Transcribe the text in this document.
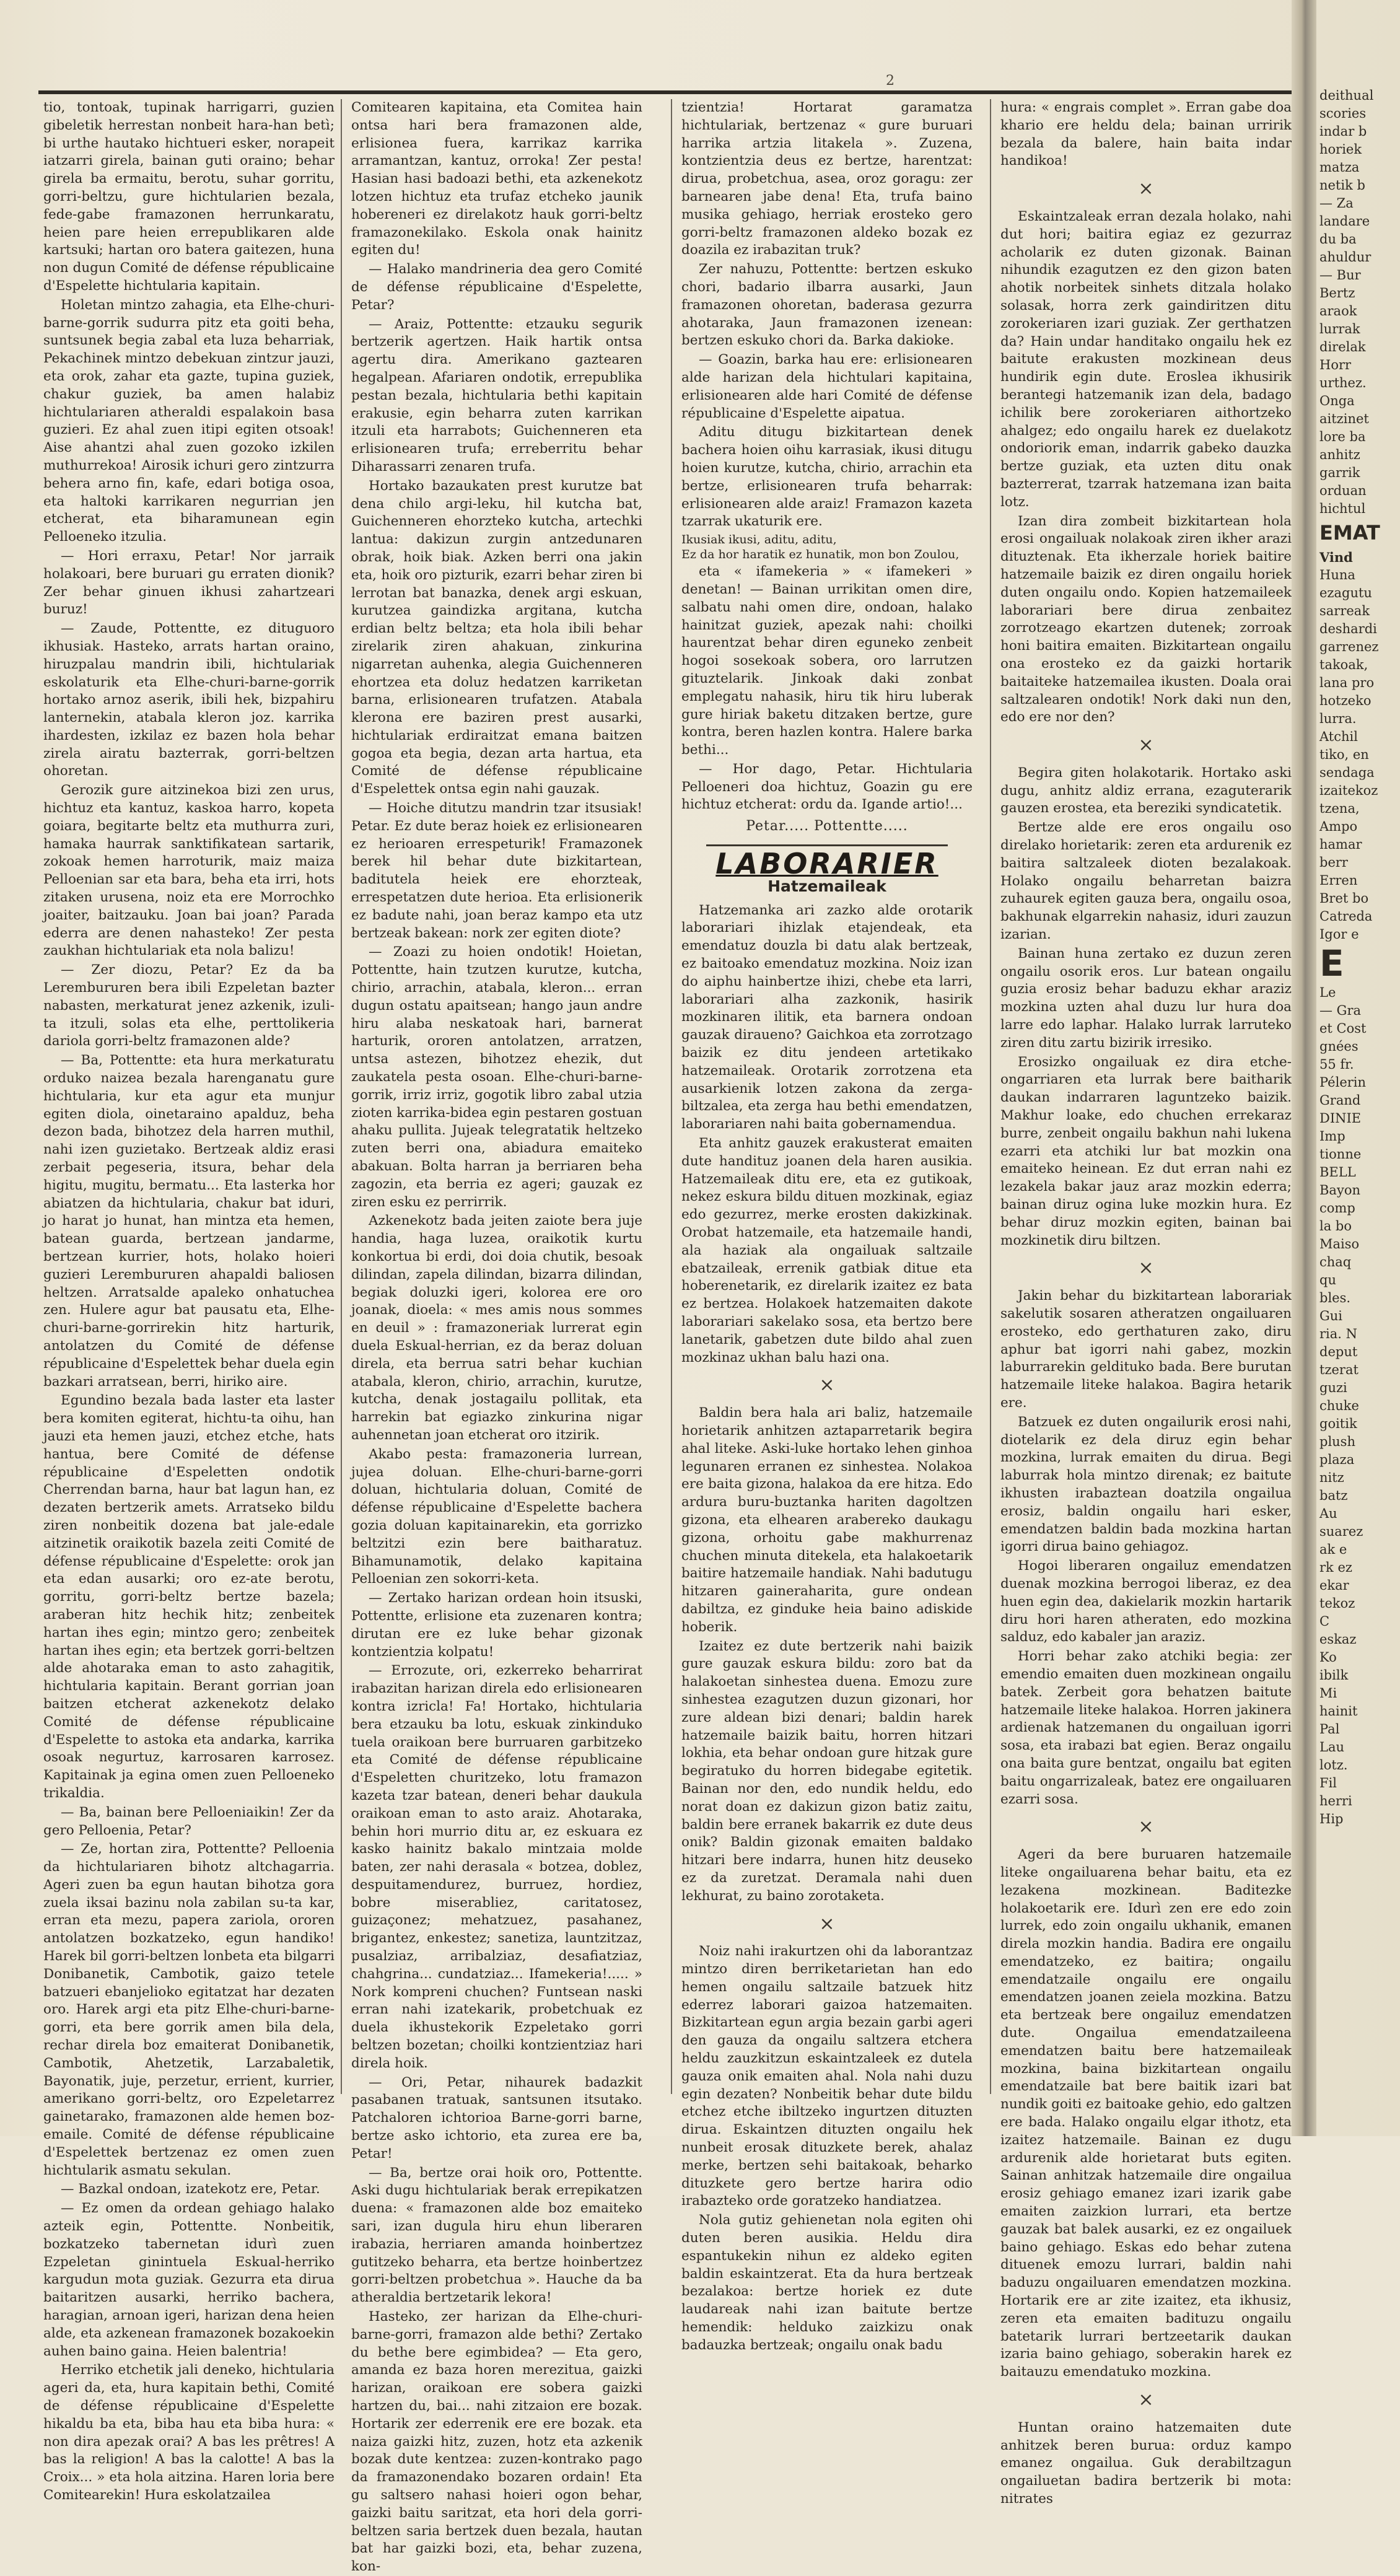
2

tio, tontoak, tupinak harrigarri, guzien gibeletik herrestan nonbeit hara-han betì; bi urthe hautako hichtueri esker, norapeit iatzarri girela, bainan guti oraino; behar girela ba ermaitu, berotu, suhar gorritu, gorri-beltzu, gure hichtularien bezala, fede-gabe framazonen herrunkaratu, heien pare heien errepublikaren alde kartsuki; hartan oro batera gaitezen, huna non dugun Comité de défense républicaine d'Espelette hichtularia kapitain.

Holetan mintzo zahagia, eta Elhe-churi-barne-gorrik sudurra pitz eta goiti beha, suntsunek begia zabal eta luza beharriak, Pekachinek mintzo debekuan zintzur jauzi, eta orok, zahar eta gazte, tupina guziek, chakur guziek, ba amen halabiz hichtulariaren atheraldi espalakoin basa guzieri. Ez ahal zuen itipi egiten otsoak! Aise ahantzi ahal zuen gozoko izkilen muthurrekoa! Airosik ichuri gero zintzurra behera arno fin, kafe, edari botiga osoa, eta haltoki karrikaren negurrian jen etcherat, eta biharamunean egin Pelloeneko itzulia.

— Hori erraxu, Petar! Nor jarraik holakoari, bere buruari gu erraten dionik? Zer behar ginuen ikhusi zahartzeari buruz!

— Zaude, Pottentte, ez dituguoro ikhusiak. Hasteko, arrats hartan oraino, hiruzpalau mandrin ibili, hichtulariak eskolaturik eta Elhe-churi-barne-gorrik hortako arnoz aserik, ibili hek, bizpahiru lanternekin, atabala kleron joz. karrika ihardesten, izkilaz ez bazen hola behar zirela airatu bazterrak, gorri-beltzen ohoretan.

Gerozik gure aitzinekoa bizi zen urus, hichtuz eta kantuz, kaskoa harro, kopeta goiara, begitarte beltz eta muthurra zuri, hamaka haurrak sanktifikatean sartarik, zokoak hemen harroturik, maiz maiza Pelloenian sar eta bara, beha eta irri, hots zitaken urusena, noiz eta ere Morrochko joaiter, baitzauku. Joan bai joan? Parada ederra are denen nahasteko! Zer pesta zaukhan hichtulariak eta nola balizu!

— Zer diozu, Petar? Ez da ba Lerembururen bera ibili Ezpeletan bazter nabasten, merkaturat jenez azkenik, izuli-ta itzuli, solas eta elhe, perttolikeria dariola gorri-beltz framazonen alde?

— Ba, Pottentte: eta hura merkaturatu orduko naizea bezala harenganatu gure hichtularia, kur eta agur eta munjur egiten diola, oinetaraino apalduz, beha dezon bada, bihotzez dela harren muthil, nahi izen guzietako. Bertzeak aldiz erasi zerbait pegeseria, itsura, behar dela higitu, mugitu, bermatu... Eta lasterka hor abiatzen da hichtularia, chakur bat iduri, jo harat jo hunat, han mintza eta hemen, batean guarda, bertzean jandarme, bertzean kurrier, hots, holako hoieri guzieri Lerembururen ahapaldi baliosen heltzen. Arratsalde apaleko onhatuchea zen. Hulere agur bat pausatu eta, Elhe-churi-barne-gorrirekin hitz harturik, antolatzen du Comité de défense républicaine d'Espelettek behar duela egin bazkari arratsean, berri, hiriko aire.

Egundino bezala bada laster eta laster bera komiten egiterat, hichtu-ta oihu, han jauzi eta hemen jauzi, etchez etche, hats hantua, bere Comité de défense républicaine d'Espeletten ondotik Cherrendan barna, haur bat lagun han, ez dezaten bertzerik amets. Arratseko bildu ziren nonbeitik dozena bat jale-edale aitzinetik oraikotik bazela zeiti Comité de défense républicaine d'Espelette: orok jan eta edan ausarki; oro ez-ate berotu, gorritu, gorri-beltz bertze bazela; araberan hitz hechik hitz; zenbeitek hartan ihes egin; mintzo gero; zenbeitek hartan ihes egin; eta bertzek gorri-beltzen alde ahotaraka eman to asto zahagitik, hichtularia kapitain. Berant gorrian joan baitzen etcherat azkenekotz delako Comité de défense républicaine d'Espelette to astoka eta andarka, karrika osoak negurtuz, karrosaren karrosez. Kapitainak ja egina omen zuen Pelloeneko trikaldia.

— Ba, bainan bere Pelloeniaikin! Zer da gero Pelloenia, Petar?

— Ze, hortan zira, Pottentte? Pelloenia da hichtulariaren bihotz altchagarria. Ageri zuen ba egun hautan bihotza gora zuela iksai bazinu nola zabilan su-ta kar, erran eta mezu, papera zariola, ororen antolatzen bozkatzeko, egun handiko! Harek bil gorri-beltzen lonbeta eta bilgarri Donibanetik, Cambotik, gaizo tetele batzueri ebanjelioko egitatzat har dezaten oro. Harek argi eta pitz Elhe-churi-barne-gorri, eta bere gorrik amen bila dela, rechar direla boz emaiterat Donibanetik, Cambotik, Ahetzetik, Larzabaletik, Bayonatik, juje, perzetur, errient, kurrier, amerikano gorri-beltz, oro Ezpeletarrez gainetarako, framazonen alde hemen boz-emaile. Comité de défense républicaine d'Espelettek bertzenaz ez omen zuen hichtularik asmatu sekulan.

— Bazkal ondoan, izatekotz ere, Petar.

— Ez omen da ordean gehiago halako azteik egin, Pottentte. Nonbeitik, bozkatzeko tabernetan idurì zuen Ezpeletan ginintuela Eskual-herriko kargudun mota guziak. Gezurra eta dirua baitaritzen ausarki, herriko bachera, haragian, arnoan igeri, harizan dena heien alde, eta azkenean framazonek bozakoekin auhen baino gaina. Heien balentria!

Herriko etchetik jali deneko, hichtularia ageri da, eta, hura kapitain bethi, Comité de défense républicaine d'Espelette hikaldu ba eta, biba hau eta biba hura: « non dira apezak orai? A bas les prêtres! A bas la religion! A bas la calotte! A bas la Croix... » eta hola aitzina. Haren loria bere Comitearekin! Hura eskolatzailea

Comitearen kapitaina, eta Comitea hain ontsa hari bera framazonen alde, erlisionea fuera, karrikaz karrika arramantzan, kantuz, orroka! Zer pesta! Hasian hasi badoazi bethi, eta azkenekotz lotzen hichtuz eta trufaz etcheko jaunik hobereneri ez direlakotz hauk gorri-beltz framazonekilako. Eskola onak hainitz egiten du!

— Halako mandrineria dea gero Comité de défense républicaine d'Espelette, Petar?

— Araiz, Pottentte: etzauku segurik bertzerik agertzen. Haik hartik ontsa agertu dira. Amerikano gaztearen hegalpean. Afariaren ondotik, errepublika pestan bezala, hichtularia bethi kapitain erakusie, egin beharra zuten karrikan itzuli eta harrabots; Guichenneren eta erlisionearen trufa; erreberritu behar Diharassarri zenaren trufa.

Hortako bazaukaten prest kurutze bat dena chilo argi-leku, hil kutcha bat, Guichenneren ehorzteko kutcha, artechki lantua: dakizun zurgin antzedunaren obrak, hoik biak. Azken berri ona jakin eta, hoik oro pizturik, ezarri behar ziren bi lerrotan bat banazka, denek argi eskuan, kurutzea gaindizka argitana, kutcha erdian beltz beltza; eta hola ibili behar zirelarik ziren ahakuan, zinkurina nigarretan auhenka, alegia Guichenneren ehortzea eta doluz hedatzen karriketan barna, erlisionearen trufatzen. Atabala klerona ere baziren prest ausarki, hichtulariak erdiraitzat emana baitzen gogoa eta begia, dezan arta hartua, eta Comité de défense républicaine d'Espelettek ontsa egin nahi gauzak.

— Hoiche ditutzu mandrin tzar itsusiak! Petar. Ez dute beraz hoiek ez erlisionearen ez herioaren errespeturik! Framazonek berek hil behar dute bizkitartean, baditutela heiek ere ehorzteak, errespetatzen dute herioa. Eta erlisionerik ez badute nahi, joan beraz kampo eta utz bertzeak bakean: nork zer egiten diote?

— Zoazi zu hoien ondotik! Hoietan, Pottentte, hain tzutzen kurutze, kutcha, chirio, arrachin, atabala, kleron... erran dugun ostatu apaitsean; hango jaun andre hiru alaba neskatoak hari, barnerat harturik, ororen antolatzen, arratzen, untsa astezen, bihotzez ehezik, dut zaukatela pesta osoan. Elhe-churi-barne-gorrik, irriz irriz, gogotik libro zabal utzia zioten karrika-bidea egin pestaren gostuan ahaku pullita. Jujeak telegratatik heltzeko zuten berri ona, abiadura emaiteko abakuan. Bolta harran ja berriaren beha zagozin, eta berria ez ageri; gauzak ez ziren esku ez perrirrik.

Azkenekotz bada jeiten zaiote bera juje handia, haga luzea, oraikotik kurtu konkortua bi erdi, doi doia chutik, besoak dilindan, zapela dilindan, bizarra dilindan, begiak doluzki igeri, kolorea ere oro joanak, dioela: « mes amis nous sommes en deuil » : framazoneriak lurrerat egin duela Eskual-herrian, ez da beraz doluan direla, eta berrua satri behar kuchian atabala, kleron, chirio, arrachin, kurutze, kutcha, denak jostagailu pollitak, eta harrekin bat egiazko zinkurina nigar auhennetan joan etcherat oro itzirik.

Akabo pesta: framazoneria lurrean, jujea doluan. Elhe-churi-barne-gorri doluan, hichtularia doluan, Comité de défense républicaine d'Espelette bachera gozia doluan kapitainarekin, eta gorrizko beltzitzi ezin bere baitharatuz. Bihamunamotik, delako kapitaina Pelloenian zen sokorri-keta.

— Zertako harizan ordean hoin itsuski, Pottentte, erlisione eta zuzenaren kontra; dirutan ere ez luke behar gizonak kontzientzia kolpatu!

— Errozute, ori, ezkerreko beharrirat irabazitan harizan direla edo erlisionearen kontra izricla! Fa! Hortako, hichtularia bera etzauku ba lotu, eskuak zinkinduko tuela oraikoan bere burruaren garbitzeko eta Comité de défense républicaine d'Espeletten churitzeko, lotu framazon kazeta tzar batean, deneri behar daukula oraikoan eman to asto araiz. Ahotaraka, behin hori murrio ditu ar, ez eskuara ez kasko hainitz bakalo mintzaia molde baten, zer nahi derasala « botzea, doblez, despuitamendurez, burruez, hordiez, bobre miserabliez, caritatosez, guizaçonez; mehatzuez, pasahanez, brigantez, enkestez; sanetiza, launtzitzaz, pusalziaz, arribalziaz, desafiatziaz, chahgrina... cundatziaz... Ifamekeria!..... » Nork kompreni chuchen? Funtsean naski erran nahi izatekarik, probetchuak ez duela ikhustekorik Ezpeletako gorri beltzen bozetan; choilki kontzientziaz hari direla hoik.

— Ori, Petar, nihaurek badazkit pasabanen tratuak, santsunen itsutako. Patchaloren ichtorioa Barne-gorri barne, bertze asko ichtorio, eta zurea ere ba, Petar!

— Ba, bertze orai hoik oro, Pottentte. Aski dugu hichtulariak berak errepikatzen duena: « framazonen alde boz emaiteko sari, izan dugula hiru ehun liberaren irabazia, herriaren amanda hoinbertzez gutitzeko beharra, eta bertze hoinbertzez gorri-beltzen probetchua ». Hauche da ba atheraldia bertzetarik lekora!

Hasteko, zer harizan da Elhe-churi-barne-gorri, framazon alde bethi? Zertako du bethe bere egimbidea? — Eta gero, amanda ez baza horen merezitua, gaizki harizan, oraikoan ere sobera gaizki hartzen du, bai... nahi zitzaion ere bozak. Hortarik zer ederrenik ere ere bozak. eta naiza gaizki hitz, zuzen, hotz eta azkenik bozak dute kentzea: zuzen-kontrako pago da framazonendako bozaren ordain! Eta gu saltsero nahasi hoieri ogon behar, gaizki baitu saritzat, eta hori dela gorri-beltzen saria bertzek duen bezala, hautan bat har gaizki bozi, eta, behar zuzena, kon-

tzientzia! Hortarat garamatza hichtulariak, bertzenaz « gure buruari harrika artzia litakela ». Zuzena, kontzientzia deus ez bertze, harentzat: dirua, probetchua, asea, oroz goragu: zer barnearen jabe dena! Eta, trufa baino musika gehiago, herriak erosteko gero gorri-beltz framazonen aldeko bozak ez doazila ez irabazitan truk?

Zer nahuzu, Pottentte: bertzen eskuko chori, badario ilbarra ausarki, Jaun framazonen ohoretan, baderasa gezurra ahotaraka, Jaun framazonen izenean: bertzen eskuko chori da. Barka dakioke.

— Goazin, barka hau ere: erlisionearen alde harizan dela hichtulari kapitaina, erlisionearen alde hari Comité de défense républicaine d'Espelette aipatua.

Aditu ditugu bizkitartean denek bachera hoien oihu karrasiak, ikusi ditugu hoien kurutze, kutcha, chirio, arrachin eta bertze, erlisionearen trufa beharrak: erlisionearen alde araiz! Framazon kazeta tzarrak ukaturik ere.

Ikusiak ikusi, aditu, aditu,
Ez da hor haratik ez hunatik, mon bon Zoulou,

eta « ifamekeria » « ifamekeri » denetan! — Bainan urrikitan omen dire, salbatu nahi omen dire, ondoan, halako hainitzat guziek, apezak nahi: choilki haurentzat behar diren eguneko zenbeit hogoi sosekoak sobera, oro larrutzen gituztelarik. Jinkoak daki zonbat emplegatu nahasik, hiru tik hiru luberak gure hiriak baketu ditzaken bertze, gure kontra, beren hazlen kontra. Halere barka bethi...

— Hor dago, Petar. Hichtularia Pelloeneri doa hichtuz, Goazin gu ere hichtuz etcherat: ordu da. Igande artio!...

Petar..... Pottentte.....
LABORARIER
Hatzemaileak

Hatzemanka ari zazko alde orotarik laborariari ihizlak etajendeak, eta emendatuz douzla bi datu alak bertzeak, ez baitoako emendatuz mozkina. Noiz izan do aiphu hainbertze ihizi, chebe eta larri, laborariari alha zazkonik, hasirik mozkinaren ilitik, eta barnera ondoan gauzak diraueno? Gaichkoa eta zorrotzago baizik ez ditu jendeen artetikako hatzemaileak. Orotarik zorrotzena eta ausarkienik lotzen zakona da zerga-biltzalea, eta zerga hau bethi emendatzen, laborariaren nahi baita gobernamendua.

Eta anhitz gauzek erakusterat emaiten dute handituz joanen dela haren ausikia. Hatzemaileak ditu ere, eta ez gutikoak, nekez eskura bildu dituen mozkinak, egiaz edo gezurrez, merke erosten dakizkinak. Orobat hatzemaile, eta hatzemaile handi, ala haziak ala ongailuak saltzaile ebatzaileak, errenik gatbiak ditue eta hoberenetarik, ez direlarik izaitez ez bata ez bertzea. Holakoek hatzemaiten dakote laborariari sakelako sosa, eta bertzo bere lanetarik, gabetzen dute bildo ahal zuen mozkinaz ukhan balu hazi ona.

×

Baldin bera hala ari baliz, hatzemaile horietarik anhitzen aztaparretarik begira ahal liteke. Aski-luke hortako lehen ginhoa legunaren erranen ez sinhestea. Nolakoa ere baita gizona, halakoa da ere hitza. Edo ardura buru-buztanka hariten dagoltzen gizona, eta elhearen arabereko daukagu gizona, orhoitu gabe makhurrenaz chuchen minuta ditekela, eta halakoetarik baitire hatzemaile handiak. Nahi badutugu hitzaren gaineraharita, gure ondean dabiltza, ez ginduke heia baino adiskide hoberik.

Izaitez ez dute bertzerik nahi baizik gure gauzak eskura bildu: zoro bat da halakoetan sinhestea duena. Emozu zure sinhestea ezagutzen duzun gizonari, hor zure aldean bizi denari; baldin harek hatzemaile baizik baitu, horren hitzari lokhia, eta behar ondoan gure hitzak gure begiratuko du horren bidegabe egitetik. Bainan nor den, edo nundik heldu, edo norat doan ez dakizun gizon batiz zaitu, baldin bere erranek bakarrik ez dute deus onik? Baldin gizonak emaiten baldako hitzari bere indarra, hunen hitz deuseko ez da zuretzat. Deramala nahi duen lekhurat, zu baino zorotaketa.

×

Noiz nahi irakurtzen ohi da laborantzaz mintzo diren berriketarietan han edo hemen ongailu saltzaile batzuek hitz ederrez laborari gaizoa hatzemaiten. Bizkitartean egun argia bezain garbi ageri den gauza da ongailu saltzera etchera heldu zauzkitzun eskaintzaleek ez dutela gauza onik emaiten ahal. Nola nahi duzu egin dezaten? Nonbeitik behar dute bildu etchez etche ibiltzeko ingurtzen dituzten dirua. Eskaintzen dituzten ongailu hek nunbeit erosak dituzkete berek, ahalaz merke, bertzen sehi baitakoak, beharko dituzkete gero bertze harira odio irabazteko orde goratzeko handiatzea.

Nola gutiz gehienetan nola egiten ohi duten beren ausikia. Heldu dira espantukekin nihun ez aldeko egiten baldin eskaintzerat. Eta da hura bertzeak bezalakoa: bertze horiek ez dute laudareak nahi izan baitute bertze hemendik: helduko zaizkizu onak badauzka bertzeak; ongailu onak badu

hura: « engrais complet ». Erran gabe doa khario ere heldu dela; bainan urririk bezala da balere, hain baita indar handikoa!

×

Eskaintzaleak erran dezala holako, nahi dut hori; baitira egiaz ez gezurraz acholarik ez duten gizonak. Bainan nihundik ezagutzen ez den gizon baten ahotik norbeitek sinhets ditzala holako solasak, horra zerk gaindiritzen ditu zorokeriaren izari guziak. Zer gerthatzen da? Hain undar handitako ongailu hek ez baitute erakusten mozkinean deus hundirik egin dute. Eroslea ikhusirik berantegi hatzemanik izan dela, badago ichilik bere zorokeriaren aithortzeko ahalgez; edo ongailu harek ez duelakotz ondoriorik eman, indarrik gabeko dauzka bertze guziak, eta uzten ditu onak bazterrerat, tzarrak hatzemana izan baita lotz.

Izan dira zombeit bizkitartean hola erosi ongailuak nolakoak ziren ikher arazi dituztenak. Eta ikherzale horiek baitire hatzemaile baizik ez diren ongailu horiek duten ongailu ondo. Kopien hatzemaileek laborariari bere dirua zenbaitez zorrotzeago ekartzen dutenek; zorroak honi baitira emaiten. Bizkitartean ongailu ona erosteko ez da gaizki hortarik baitaiteke hatzemailea ikusten. Doala orai saltzalearen ondotik! Nork daki nun den, edo ere nor den?

×

Begira giten holakotarik. Hortako aski dugu, anhitz aldiz errana, ezaguterarik gauzen erostea, eta bereziki syndicatetik.

Bertze alde ere eros ongailu oso direlako horietarik: zeren eta ardurenik ez baitira saltzaleek dioten bezalakoak. Holako ongailu beharretan baizra zuhaurek egiten gauza bera, ongailu osoa, bakhunak elgarrekin nahasiz, iduri zauzun izarian.

Bainan huna zertako ez duzun zeren ongailu osorik eros. Lur batean ongailu guzia erosiz behar baduzu ekhar araziz mozkina uzten ahal duzu lur hura doa larre edo laphar. Halako lurrak larruteko ziren ditu zartu bizirik irresiko.

Erosizko ongailuak ez dira etche-ongarriaren eta lurrak bere baitharik daukan indarraren laguntzeko baizik. Makhur loake, edo chuchen errekaraz burre, zenbeit ongailu bakhun nahi lukena ezarri eta atchiki lur bat mozkin ona emaiteko heinean. Ez dut erran nahi ez lezakela bakar jauz araz mozkin ederra; bainan diruz ogina luke mozkin hura. Ez behar diruz mozkin egiten, bainan bai mozkinetik diru biltzen.

×

Jakin behar du bizkitartean laborariak sakelutik sosaren atheratzen ongailuaren erosteko, edo gerthaturen zako, diru aphur bat igorri nahi gabez, mozkin laburrarekin geldituko bada. Bere burutan hatzemaile liteke halakoa. Bagira hetarik ere.

Batzuek ez duten ongailurik erosi nahi, diotelarik ez dela diruz egin behar mozkina, lurrak emaiten du dirua. Begi laburrak hola mintzo direnak; ez baitute ikhusten irabaztean doatzila ongailua erosiz, baldin ongailu hari esker, emendatzen baldin bada mozkina hartan igorri dirua baino gehiagoz.

Hogoi liberaren ongailuz emendatzen duenak mozkina berrogoi liberaz, ez dea huen egin dea, dakielarik mozkin hartarik diru hori haren atheraten, edo mozkina salduz, edo kabaler jan araziz.

Horri behar zako atchiki begia: zer emendio emaiten duen mozkinean ongailu batek. Zerbeit gora behatzen baitute hatzemaile liteke halakoa. Horren jakinera ardienak hatzemanen du ongailuan igorri sosa, eta irabazi bat egien. Beraz ongailu ona baita gure bentzat, ongailu bat egiten baitu ongarrizaleak, batez ere ongailuaren ezarri sosa.

×

Ageri da bere buruaren hatzemaile liteke ongailuarena behar baitu, eta ez lezakena mozkinean. Baditezke holakoetarik ere. Idurì zen ere edo zoin lurrek, edo zoin ongailu ukhanik, emanen direla mozkin handia. Badira ere ongailu emendatzeko, ez baitira; ongailu emendatzaile ongailu ere ongailu emendatzen joanen zeiela mozkina. Batzu eta bertzeak bere ongailuz emendatzen dute. Ongailua emendatzaileena emendatzen baitu bere hatzemaileak mozkina, baina bizkitartean ongailu emendatzaile bat bere baitik izari bat nundik goiti ez baitoake gehio, edo galtzen ere bada. Halako ongailu elgar ithotz, eta izaitez hatzemaile. Bainan ez dugu ardurenik alde horietarat buts egiten. Sainan anhitzak hatzemaile dire ongailua erosiz gehiago emanez izari izarik gabe emaiten zaizkion lurrari, eta bertze gauzak bat balek ausarki, ez ez ongailuek baino gehiago. Eskas edo behar zutena dituenek emozu lurrari, baldin nahi baduzu ongailuaren emendatzen mozkina. Hortarik ere ar zite izaitez, eta ikhusiz, zeren eta emaiten badituzu ongailu batetarik lurrari bertzeetarik daukan izaria baino gehiago, soberakin harek ez baitauzu emendatuko mozkina.

×

Huntan oraino hatzemaiten dute anhitzek beren burua: orduz kampo emanez ongailua. Guk derabiltzagun ongailuetan badira bertzerik bi mota: nitrates

deithual
scories
indar b
horiek
matza
netik b
— Za
landare
du ba
ahuldur
— Bur
Bertz
araok
lurrak
direlak
Horr
urthez.
Onga
aitzinet
lore ba
anhitz
garrik
orduan
hichtul
EMAT
Vind
Huna
ezagutu
sarreak
deshardi
garrenez
takoak,
lana pro
hotzeko
lurra.
Atchil
tiko, en
sendaga
izaitekoz
tzena,
Ampo
hamar
berr
Erren
Bret bo
Catreda
Igor e
E
Le
— Gra
et Cost
gnées
55 fr.
Pélerin
Grand
DINIE
Imp
tionne
BELL
Bayon
comp
la bo
Maiso
chaq
qu
bles.
Gui
ria. N
deput
tzerat
guzi
chuke
goitik
plush
plaza
nitz
batz
Au
suarez
ak e
rk ez
ekar
tekoz
C
eskaz
Ko
ibilk
Mi
hainit
Pal
Lau
lotz.
Fil
herri
Hip
